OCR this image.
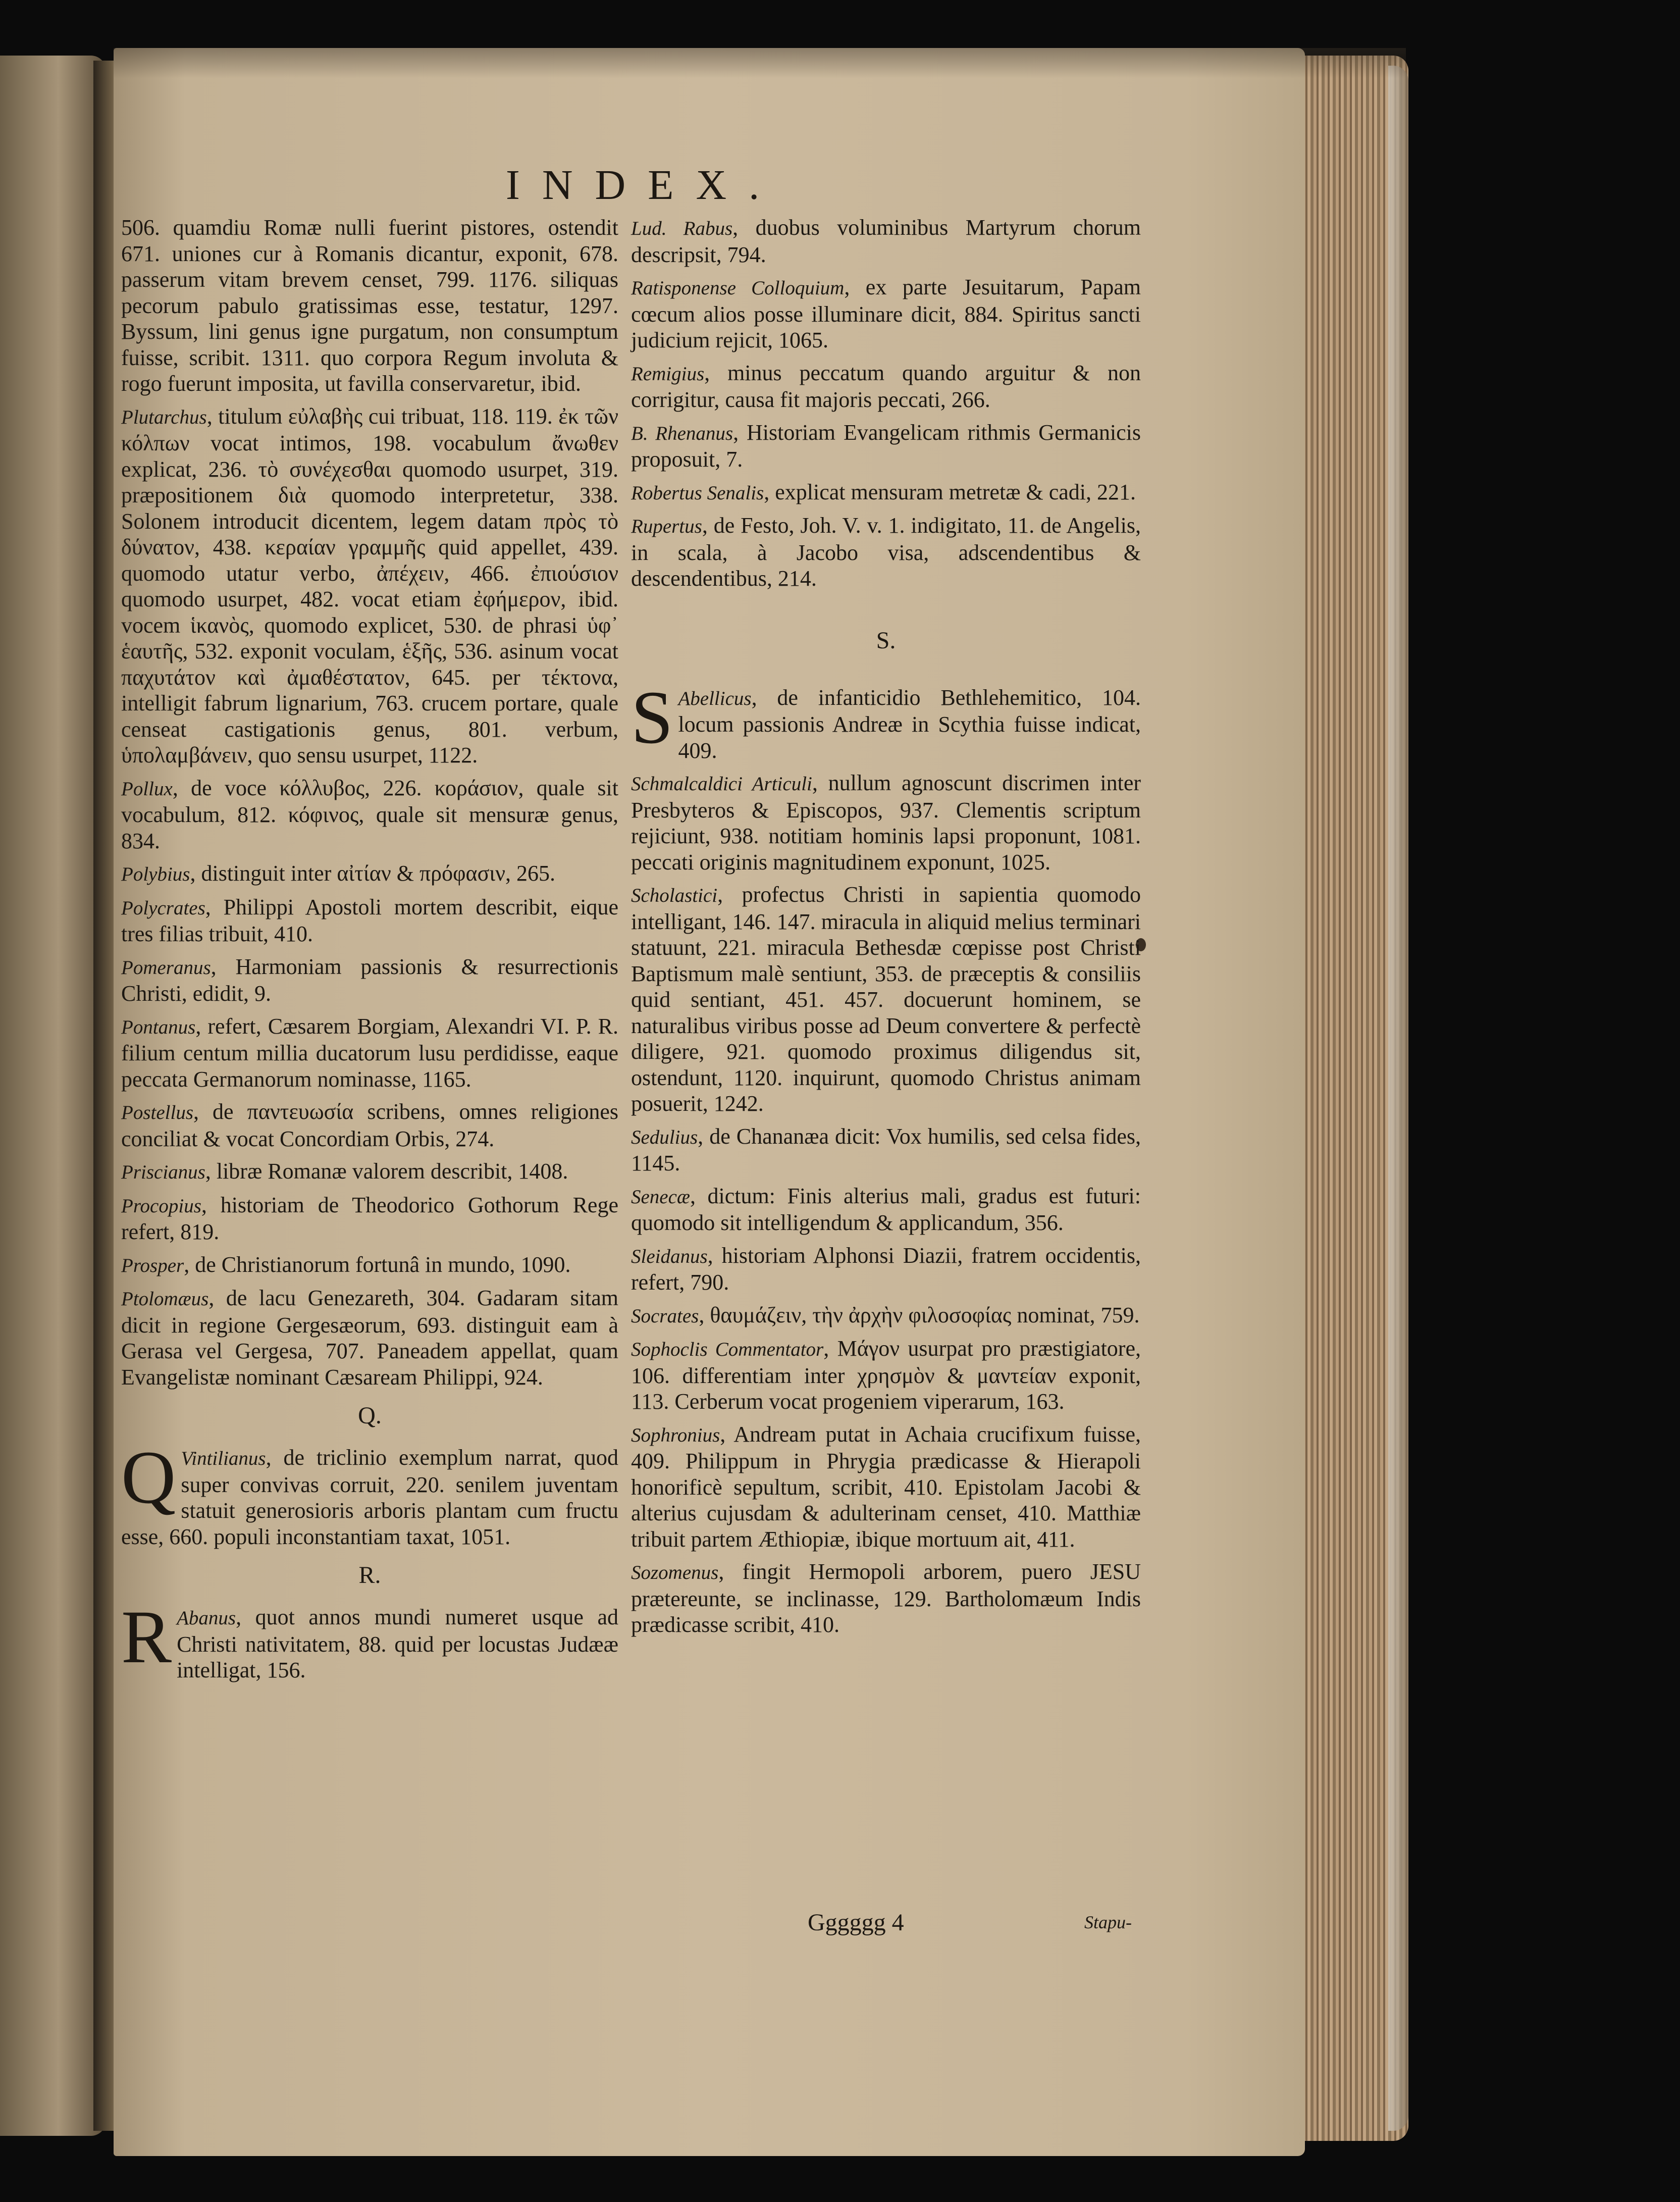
INDEX.

506. quamdiu Romæ nulli fuerint pistores, ostendit 671. uniones cur à Romanis dicantur, exponit, 678. passerum vitam brevem censet, 799. 1176. siliquas pecorum pabulo gratissimas esse, testatur, 1297. Byssum, lini genus igne purgatum, non consumptum fuisse, scribit. 1311. quo corpora Regum involuta & rogo fuerunt imposita, ut favilla conservaretur, ibid.

Plutarchus, titulum εὐλαβὴς cui tribuat, 118. 119. ἐκ τῶν κόλπων vocat intimos, 198. vocabulum ἄνωθεν explicat, 236. τὸ συνέχεσθαι quomodo usurpet, 319. præpositionem διὰ quomodo interpretetur, 338. Solonem introducit dicentem, legem datam πρὸς τὸ δύνατον, 438. κεραίαν γραμμῆς quid appellet, 439. quomodo utatur verbo, ἀπέχειν, 466. ἐπιούσιον quomodo usurpet, 482. vocat etiam ἐφήμερον, ibid. vocem ἱκανὸς, quomodo explicet, 530. de phrasi ὑφ᾽ ἑαυτῆς, 532. exponit voculam, ἑξῆς, 536. asinum vocat παχυτάτον καὶ ἀμαθέστατον, 645. per τέκτονα, intelligit fabrum lignarium, 763. crucem portare, quale censeat castigationis genus, 801. verbum, ὑπολαμβάνειν, quo sensu usurpet, 1122.

Pollux, de voce κόλλυβος, 226. κοράσιον, quale sit vocabulum, 812. κόφινος, quale sit mensuræ genus, 834.

Polybius, distinguit inter αἰτίαν & πρόφασιν, 265.

Polycrates, Philippi Apostoli mortem describit, eique tres filias tribuit, 410.

Pomeranus, Harmoniam passionis & resurrectionis Christi, edidit, 9.

Pontanus, refert, Cæsarem Borgiam, Alexandri VI. P. R. filium centum millia ducatorum lusu perdidisse, eaque peccata Germanorum nominasse, 1165.

Postellus, de παντευωσία scribens, omnes religiones conciliat & vocat Concordiam Orbis, 274.

Priscianus, libræ Romanæ valorem describit, 1408.

Procopius, historiam de Theodorico Gothorum Rege refert, 819.

Prosper, de Christianorum fortunâ in mundo, 1090.

Ptolomæus, de lacu Genezareth, 304. Gadaram sitam dicit in regione Gergesæorum, 693. distinguit eam à Gerasa vel Gergesa, 707. Paneadem appellat, quam Evangelistæ nominant Cæsaream Philippi, 924.

Q.

Q Vintilianus, de triclinio exemplum narrat, quod super convivas corruit, 220. senilem juventam statuit generosioris arboris plantam cum fructu esse, 660. populi inconstantiam taxat, 1051.

R.

R Abanus, quot annos mundi numeret usque ad Christi nativitatem, 88. quid per locustas Judææ intelligat, 156.

Lud. Rabus, duobus voluminibus Martyrum chorum descripsit, 794.

Ratisponense Colloquium, ex parte Jesuitarum, Papam cœcum alios posse illuminare dicit, 884. Spiritus sancti judicium rejicit, 1065.

Remigius, minus peccatum quando arguitur & non corrigitur, causa fit majoris peccati, 266.

B. Rhenanus, Historiam Evangelicam rithmis Germanicis proposuit, 7.

Robertus Senalis, explicat mensuram metretæ & cadi, 221.

Rupertus, de Festo, Joh. V. v. 1. indigitato, 11. de Angelis, in scala, à Jacobo visa, adscendentibus & descendentibus, 214.

S.

S Abellicus, de infanticidio Bethlehemitico, 104. locum passionis Andreæ in Scythia fuisse indicat, 409.

Schmalcaldici Articuli, nullum agnoscunt discrimen inter Presbyteros & Episcopos, 937. Clementis scriptum rejiciunt, 938. notitiam hominis lapsi proponunt, 1081. peccati originis magnitudinem exponunt, 1025.

Scholastici, profectus Christi in sapientia quomodo intelligant, 146. 147. miracula in aliquid melius terminari statuunt, 221. miracula Bethesdæ cœpisse post Christi Baptismum malè sentiunt, 353. de præceptis & consiliis quid sentiant, 451. 457. docuerunt hominem, se naturalibus viribus posse ad Deum convertere & perfectè diligere, 921. quomodo proximus diligendus sit, ostendunt, 1120. inquirunt, quomodo Christus animam posuerit, 1242.

Sedulius, de Chananæa dicit: Vox humilis, sed celsa fides, 1145.

Senecæ, dictum: Finis alterius mali, gradus est futuri: quomodo sit intelligendum & applicandum, 356.

Sleidanus, historiam Alphonsi Diazii, fratrem occidentis, refert, 790.

Socrates, θαυμάζειν, τὴν ἀρχὴν φιλοσοφίας nominat, 759.

Sophoclis Commentator, Μάγον usurpat pro præstigiatore, 106. differentiam inter χρησμὸν & μαντείαν exponit, 113. Cerberum vocat progeniem viperarum, 163.

Sophronius, Andream putat in Achaia crucifixum fuisse, 409. Philippum in Phrygia prædicasse & Hierapoli honorificè sepultum, scribit, 410. Epistolam Jacobi & alterius cujusdam & adulterinam censet, 410. Matthiæ tribuit partem Æthiopiæ, ibique mortuum ait, 411.

Sozomenus, fingit Hermopoli arborem, puero JESU prætereunte, se inclinasse, 129. Bartholomæum Indis prædicasse scribit, 410.

Gggggg 4	Stapu-
